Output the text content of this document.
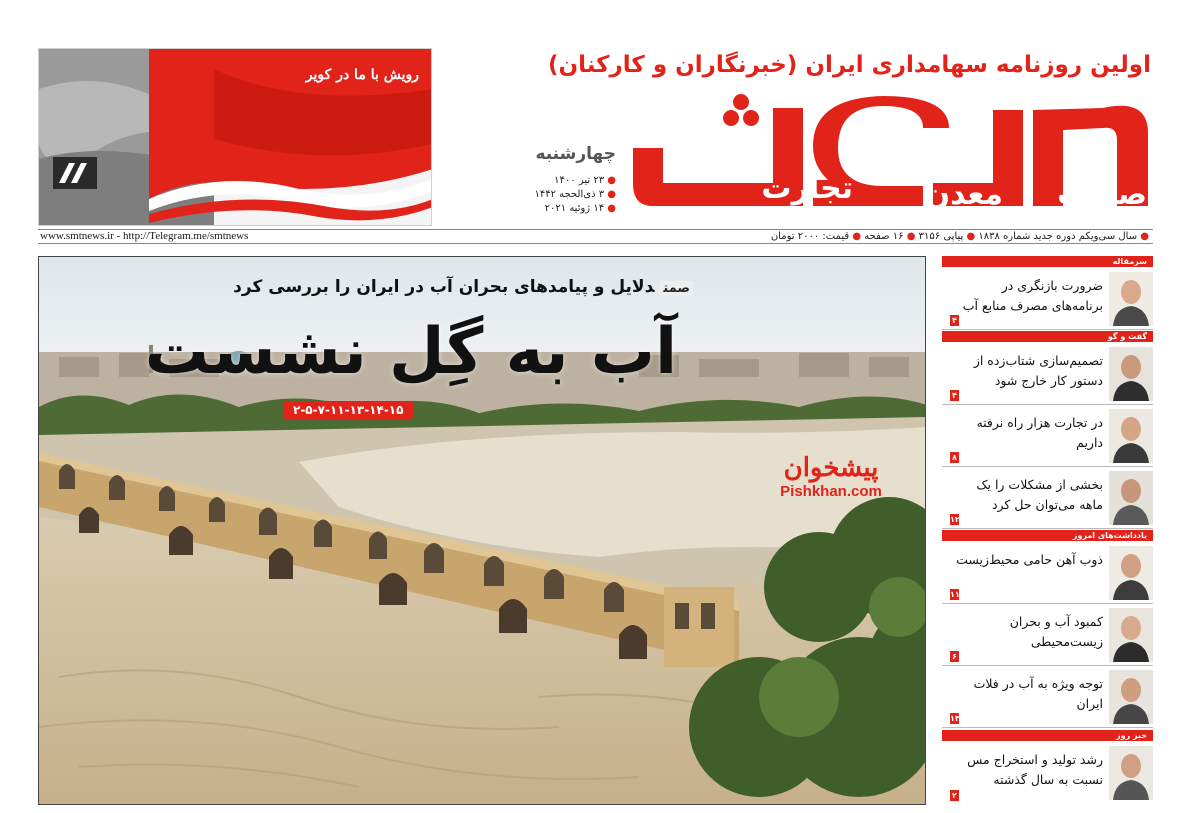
اولین روزنامه سهامداری ایران (خبرنگاران و کارکنان)
صنعت
معدن
تجارت
چهارشنبه
● ۲۳ تیر ۱۴۰۰
● ۳ ذی‌الحجه ۱۴۴۲
● ۱۴ ژوئیه ۲۰۲۱
رویش با ما در کویر
● سال سی‌ویکم دوره جدید شماره ۱۸۳۸ ● پیاپی ۳۱۵۶ ● ۱۶ صفحه ● قیمت: ۲۰۰۰ تومان
www.smtnews.ir - http://Telegram.me/smtnews
صمتدلایل و پیامدهای بحران آب در ایران را بررسی کرد
آب به گِل نشست
۲-۵-۷-۱۱-۱۳-۱۴-۱۵
پیشخوان
Pishkhan.com
سرمقاله
ضرورت بازنگری در برنامه‌های مصرف منابع آب
۴
گفت و گو
تصمیم‌سازی شتاب‌زده از دستور کار خارج شود
۴
در تجارت هزار راه نرفته داریم
۸
بخشی از مشکلات را یک ماهه می‌توان حل کرد
۱۲
یادداشت‌های امروز
ذوب آهن حامی محیط‌زیست
۱۱
کمبود آب و بحران زیست‌محیطی
۶
توجه ویژه به آب در فلات ایران
۱۴
خبر روز
رشد تولید و استخراج مس نسبت به سال گذشته
۲
